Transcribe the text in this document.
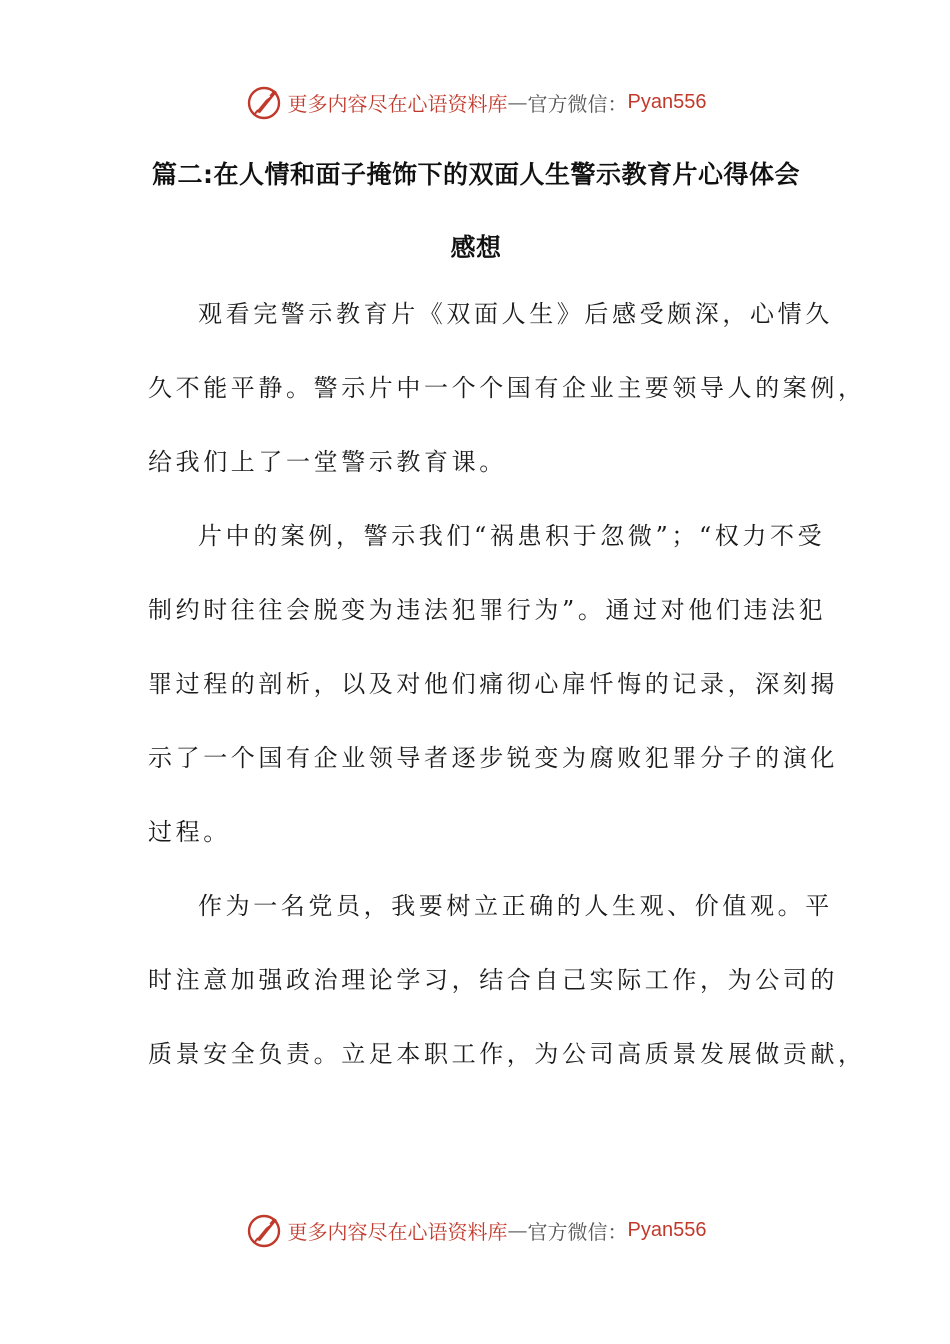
更多内容尽在心语资料库 — 官方微信： Pyan556
篇二:在人情和面子掩饰下的双面人生警示教育片心得体会
感想
观看完警示教育片《双面人生》后感受颇深，心情久
久不能平静。警示片中一个个国有企业主要领导人的案例，
给我们上了一堂警示教育课。
片中的案例，警示我们“祸患积于忽微”；“权力不受
制约时往往会脱变为违法犯罪行为”。通过对他们违法犯
罪过程的剖析，以及对他们痛彻心扉忏悔的记录，深刻揭
示了一个国有企业领导者逐步锐变为腐败犯罪分子的演化
过程。
作为一名党员，我要树立正确的人生观、价值观。平
时注意加强政治理论学习，结合自己实际工作，为公司的
质景安全负责。立足本职工作，为公司高质景发展做贡献，
更多内容尽在心语资料库 — 官方微信： Pyan556
